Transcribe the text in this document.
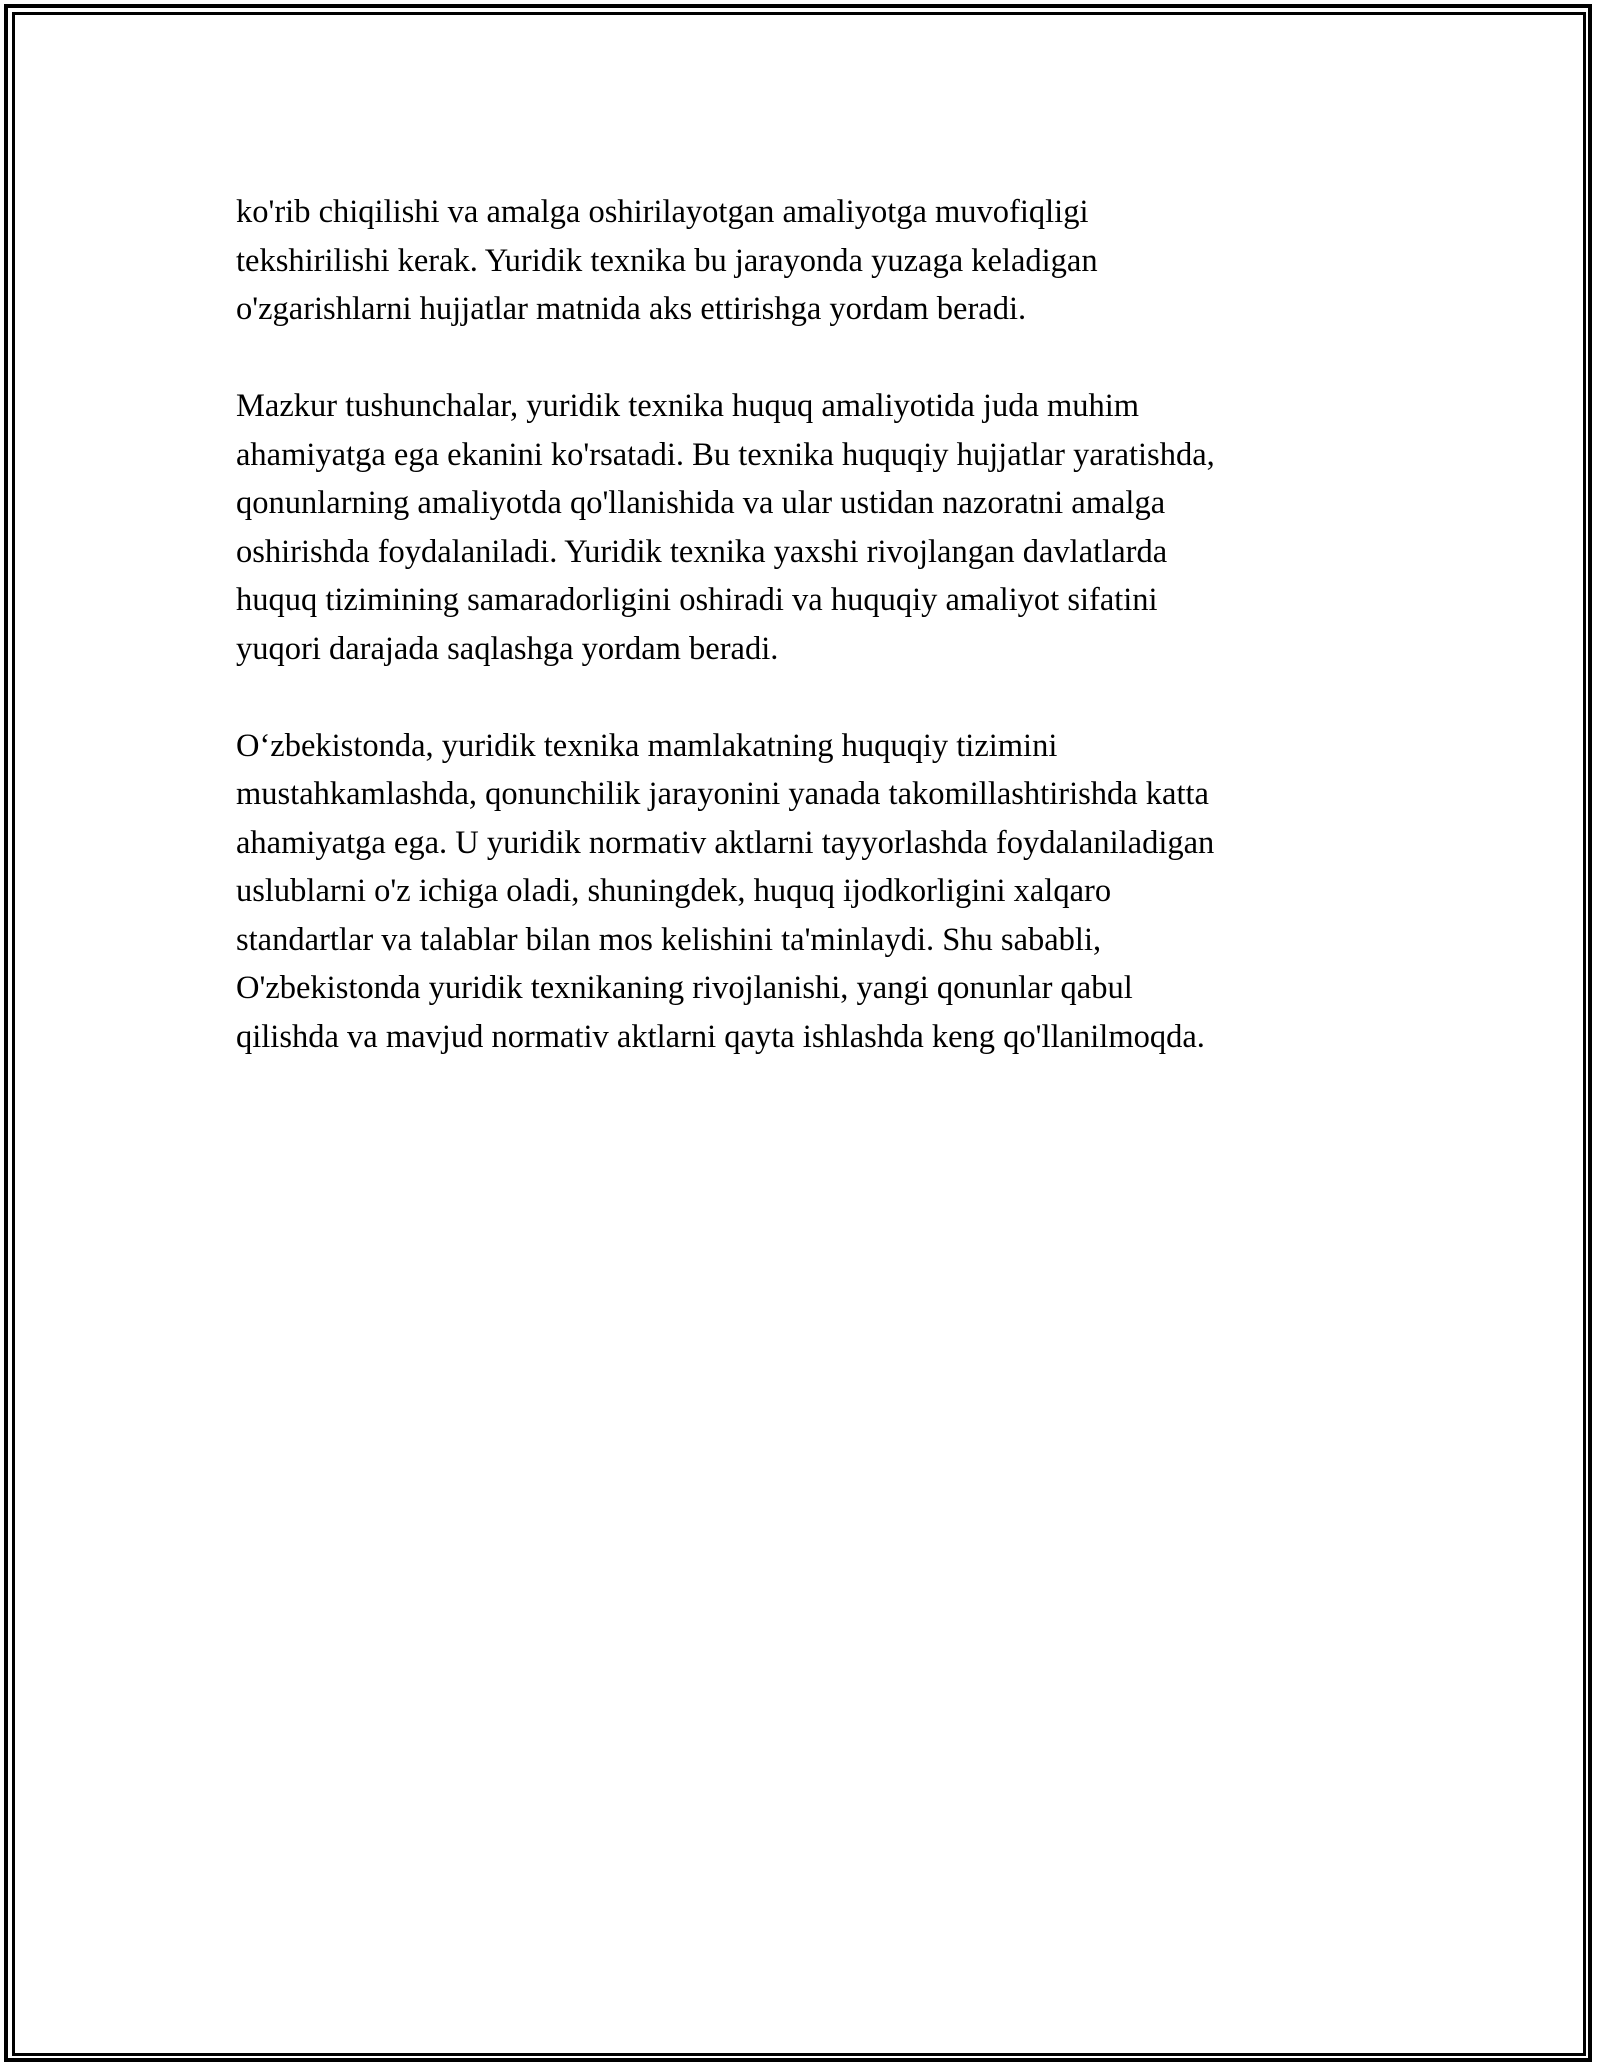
ko'rib chiqilishi va amalga oshirilayotgan amaliyotga muvofiqligi
tekshirilishi kerak. Yuridik texnika bu jarayonda yuzaga keladigan
o'zgarishlarni hujjatlar matnida aks ettirishga yordam beradi.

Mazkur tushunchalar, yuridik texnika huquq amaliyotida juda muhim
ahamiyatga ega ekanini ko'rsatadi. Bu texnika huquqiy hujjatlar yaratishda,
qonunlarning amaliyotda qo'llanishida va ular ustidan nazoratni amalga
oshirishda foydalaniladi. Yuridik texnika yaxshi rivojlangan davlatlarda
huquq tizimining samaradorligini oshiradi va huquqiy amaliyot sifatini
yuqori darajada saqlashga yordam beradi.

O‘zbekistonda, yuridik texnika mamlakatning huquqiy tizimini
mustahkamlashda, qonunchilik jarayonini yanada takomillashtirishda katta
ahamiyatga ega. U yuridik normativ aktlarni tayyorlashda foydalaniladigan
uslublarni o'z ichiga oladi, shuningdek, huquq ijodkorligini xalqaro
standartlar va talablar bilan mos kelishini ta'minlaydi. Shu sababli,
O'zbekistonda yuridik texnikaning rivojlanishi, yangi qonunlar qabul
qilishda va mavjud normativ aktlarni qayta ishlashda keng qo'llanilmoqda.
